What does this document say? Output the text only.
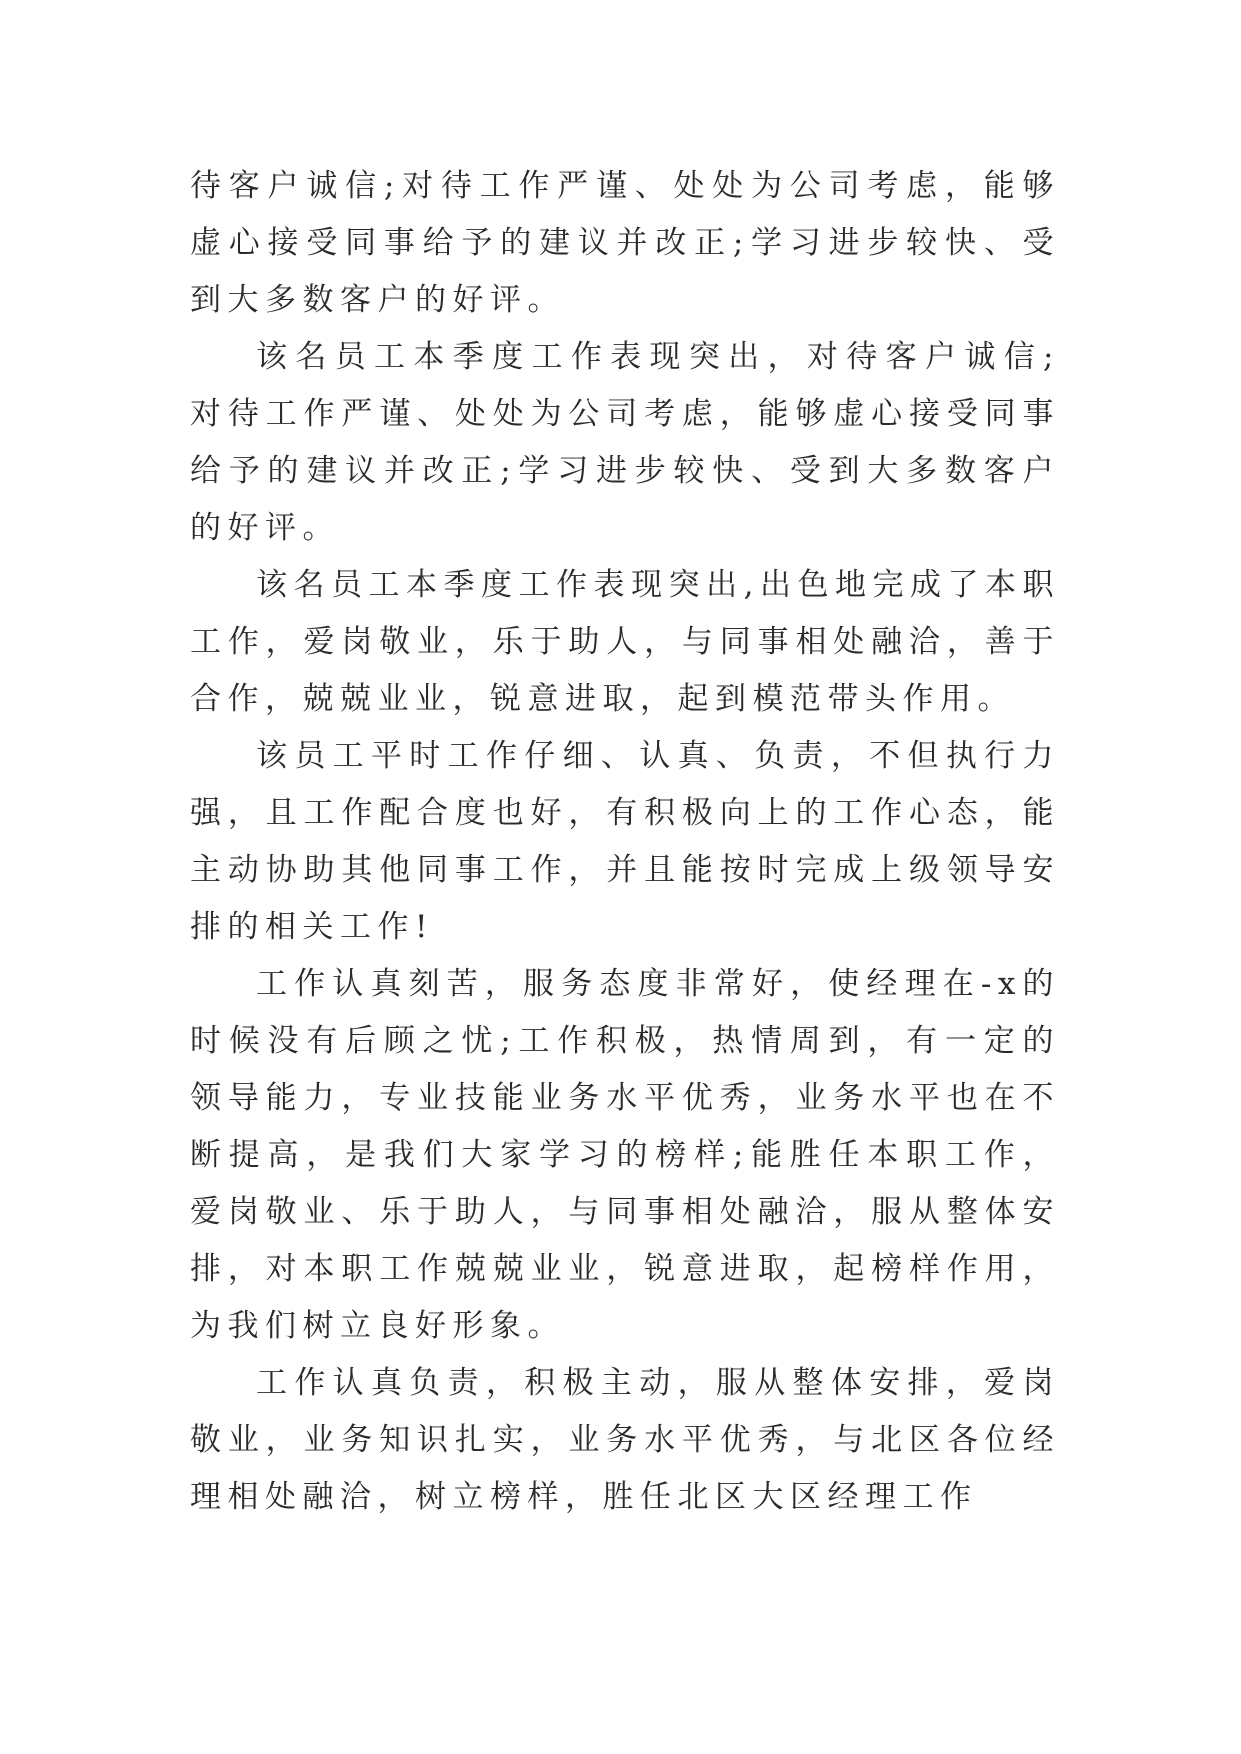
待客户诚信;对待工作严谨、处处为公司考虑，能够虚心接受同事给予的建议并改正;学习进步较快、受到大多数客户的好评。

该名员工本季度工作表现突出，对待客户诚信;对待工作严谨、处处为公司考虑，能够虚心接受同事给予的建议并改正;学习进步较快、受到大多数客户的好评。

该名员工本季度工作表现突出,出色地完成了本职工作，爱岗敬业，乐于助人，与同事相处融洽，善于合作，兢兢业业，锐意进取，起到模范带头作用。

该员工平时工作仔细、认真、负责，不但执行力强，且工作配合度也好，有积极向上的工作心态，能主动协助其他同事工作，并且能按时完成上级领导安排的相关工作!

工作认真刻苦，服务态度非常好，使经理在-x的时候没有后顾之忧;工作积极，热情周到，有一定的领导能力，专业技能业务水平优秀，业务水平也在不断提高，是我们大家学习的榜样;能胜任本职工作，爱岗敬业、乐于助人，与同事相处融洽，服从整体安排，对本职工作兢兢业业，锐意进取，起榜样作用，为我们树立良好形象。

工作认真负责，积极主动，服从整体安排，爱岗敬业，业务知识扎实，业务水平优秀，与北区各位经理相处融洽，树立榜样，胜任北区大区经理工作
